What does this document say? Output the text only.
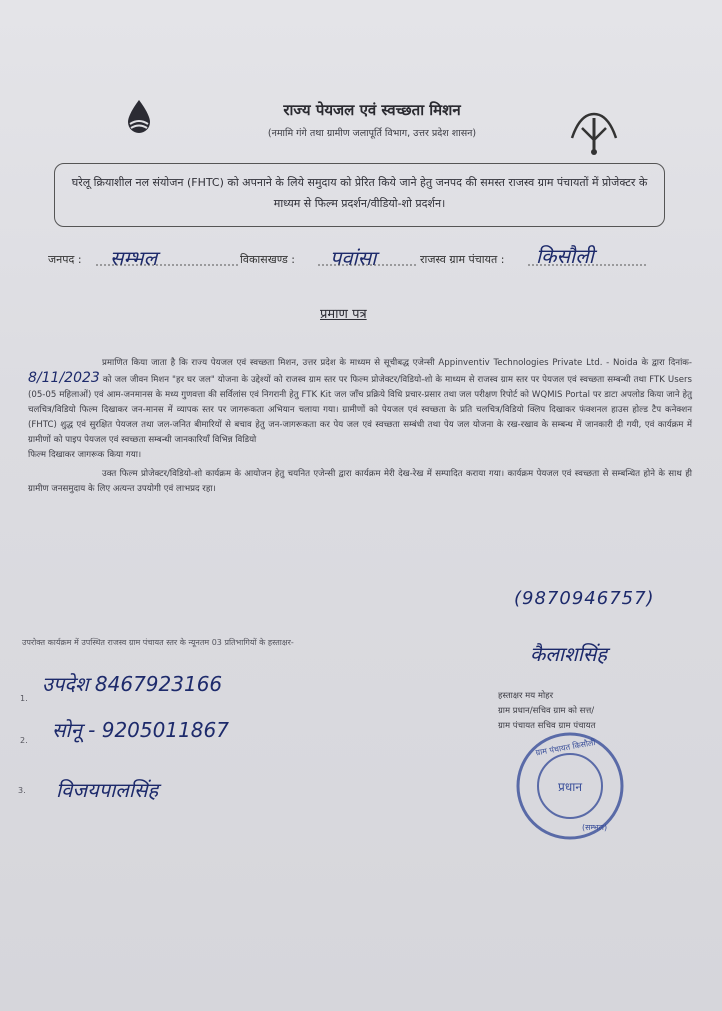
राज्य पेयजल एवं स्वच्छता मिशन
(नमामि गंगे तथा ग्रामीण जलापूर्ति विभाग, उत्तर प्रदेश शासन)
घरेलू क्रियाशील नल संयोजन (FHTC) को अपनाने के लिये समुदाय को प्रेरित किये जाने हेतु जनपद की समस्त राजस्व ग्राम पंचायतों में प्रोजेक्टर के माध्यम से फिल्म प्रदर्शन/वीडियो-शो प्रदर्शन।
जनपद : सम्भल	विकासखण्ड : पवांसा	राजस्व ग्राम पंचायत : किसौली
प्रमाण पत्र

प्रमाणित किया जाता है कि राज्य पेयजल एवं स्वच्छता मिशन, उत्तर प्रदेश के माध्यम से सूचीबद्ध एजेन्सी Appinventiv Technologies Private Ltd. - Noida के द्वारा दिनांक- 8/11/2023 को जल जीवन मिशन "हर घर जल" योजना के उद्देश्यों को राजस्व ग्राम स्तर पर फिल्म प्रोजेक्टर/विडियो-शो के माध्यम से राजस्व ग्राम स्तर पर पेयजल एवं स्वच्छता सम्बन्धी तथा FTK Users (05-05 महिलाओं) एवं आम-जनमानस के मध्य गुणवत्ता की सर्विलांस एवं निगरानी हेतु FTK Kit जल जाँच प्रक्रिये विधि प्रचार-प्रसार तथा जल परीक्षण रिपोर्ट को WQMIS Portal पर डाटा अपलोड किया जाने हेतु चलचित्र/विडियो फिल्म दिखाकर जन-मानस में व्यापक स्तर पर जागरूकता अभियान चलाया गया। ग्रामीणों को पेयजल एवं स्वच्छता के प्रति चलचित्र/विडियो क्लिप दिखाकर फंक्शनल हाउस होल्ड टैप कनेक्शन (FHTC) शुद्ध एवं सुरक्षित पेयजल तथा जल-जनित बीमारियों से बचाव हेतु जन-जागरूकता कर पेय जल एवं स्वच्छता सम्बंधी तथा पेय जल योजना के रख-रखाव के सम्बन्ध में जानकारी दी गयी, एवं कार्यक्रम में ग्रामीणों को पाइप पेयजल एवं स्वच्छता सम्बन्धी जानकारियाँ विभिन्न विडियो

फिल्म दिखाकर जागरूक किया गया।

उक्त फिल्म प्रोजेक्टर/विडियो-शो कार्यक्रम के आयोजन हेतु चयनित एजेन्सी द्वारा कार्यक्रम मेरी देख-रेख में सम्पादित कराया गया। कार्यक्रम पेयजल एवं स्वच्छता से सम्बन्धित होने के साथ ही ग्रामीण जनसमुदाय के लिए अत्यन्त उपयोगी एवं लाभप्रद रहा।

(9870946757)
कैलाशसिंह
हस्ताक्षर मय मोहर
ग्राम प्रधान/सचिव ग्राम को सत्त/
ग्राम पंचायत सचिव ग्राम पंचायत
उपरोक्त कार्यक्रम में उपस्थित राजस्व ग्राम पंचायत स्तर के न्यूनतम 03 प्रतिभागियों के हस्ताक्षर-
1.
2.
3.
उपदेश 8467923166
सोनू - 9205011867
विजयपालसिंह	प्रधान
ग्राम पंचायत किसौली
(सम्भल)
